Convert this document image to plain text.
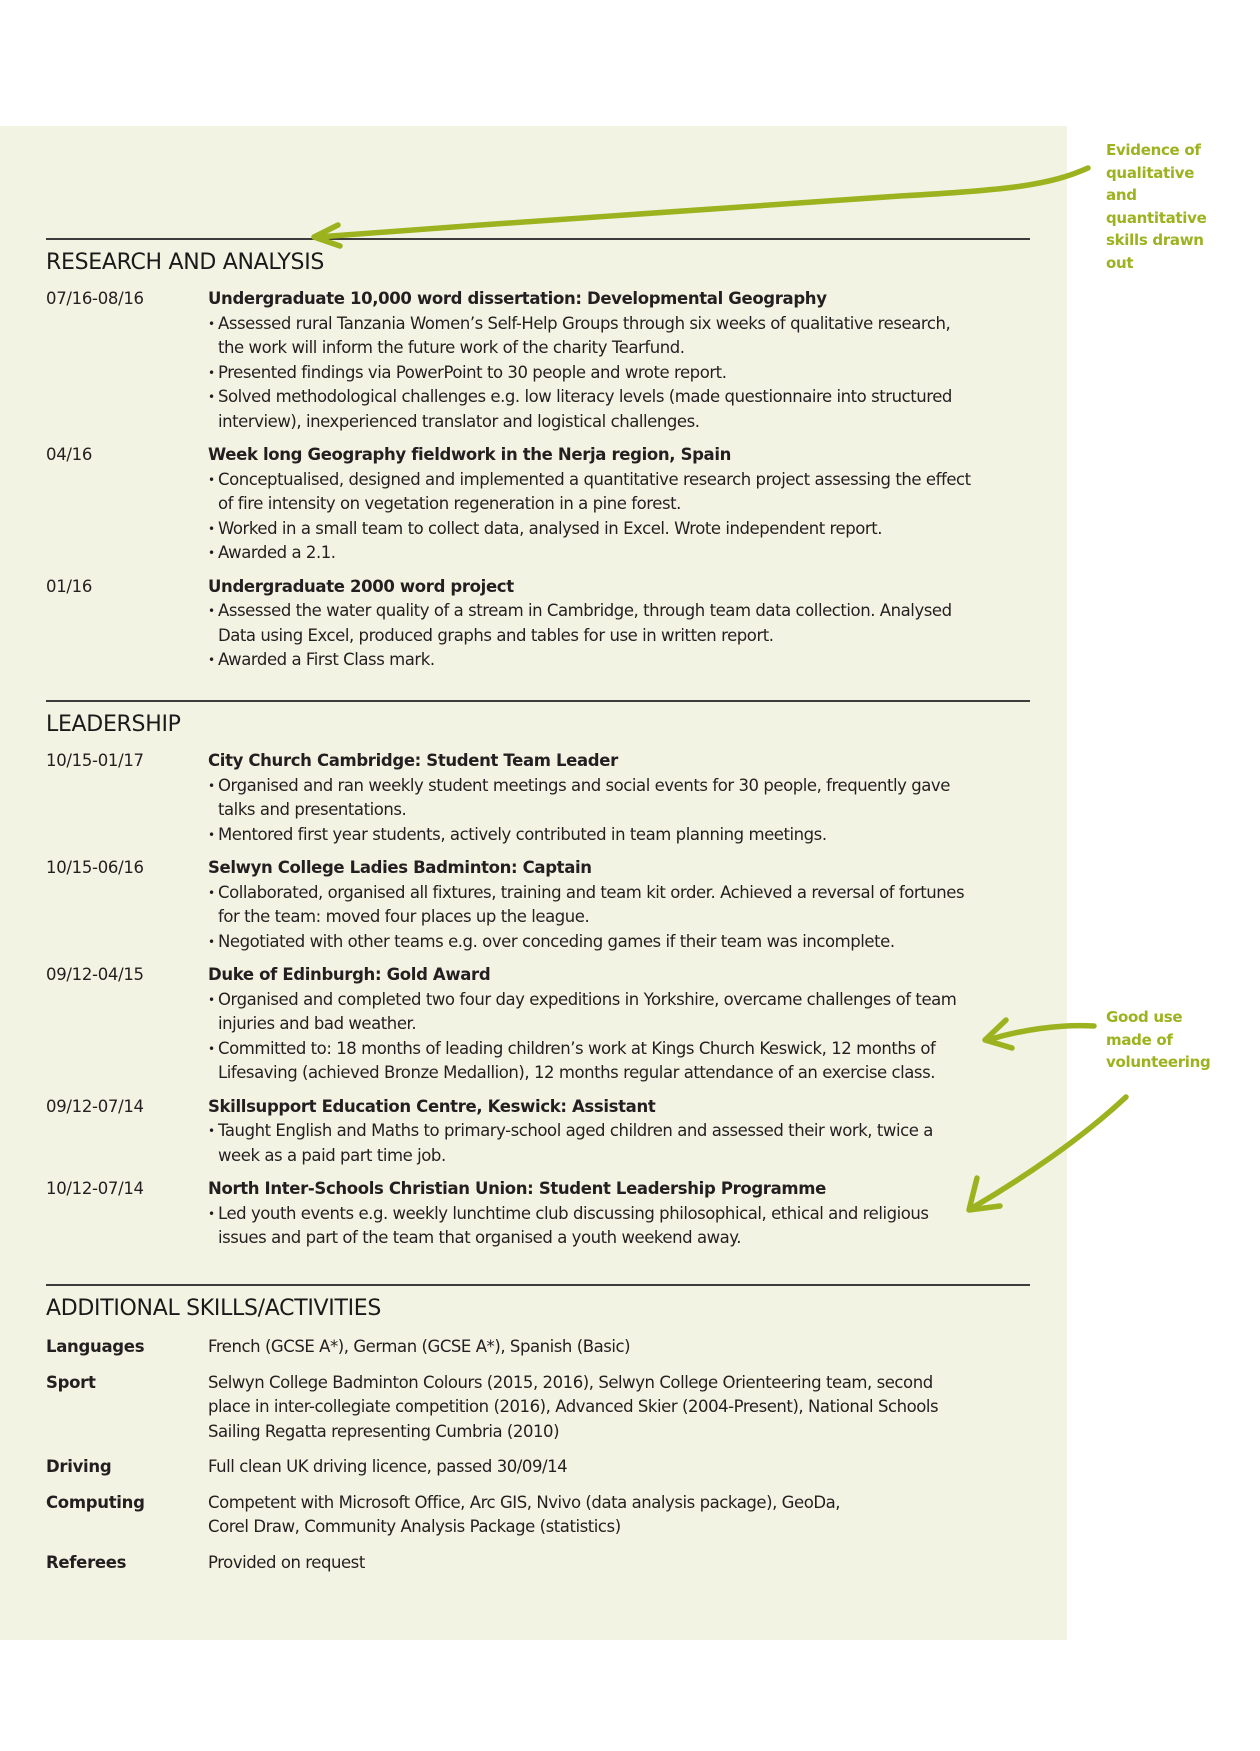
RESEARCH AND ANALYSIS
07/16-08/16	Undergraduate 10,000 word dissertation: Developmental Geography
• Assessed rural Tanzania Women’s Self-Help Groups through six weeks of qualitative research,
the work will inform the future work of the charity Tearfund.
• Presented findings via PowerPoint to 30 people and wrote report.
• Solved methodological challenges e.g. low literacy levels (made questionnaire into structured
interview), inexperienced translator and logistical challenges.
04/16	Week long Geography fieldwork in the Nerja region, Spain
• Conceptualised, designed and implemented a quantitative research project assessing the effect
of fire intensity on vegetation regeneration in a pine forest.
• Worked in a small team to collect data, analysed in Excel. Wrote independent report.
• Awarded a 2.1.
01/16	Undergraduate 2000 word project
• Assessed the water quality of a stream in Cambridge, through team data collection. Analysed
Data using Excel, produced graphs and tables for use in written report.
• Awarded a First Class mark.
LEADERSHIP
10/15-01/17	City Church Cambridge: Student Team Leader
• Organised and ran weekly student meetings and social events for 30 people, frequently gave
talks and presentations.
• Mentored first year students, actively contributed in team planning meetings.
10/15-06/16	Selwyn College Ladies Badminton: Captain
• Collaborated, organised all fixtures, training and team kit order. Achieved a reversal of fortunes
for the team: moved four places up the league.
• Negotiated with other teams e.g. over conceding games if their team was incomplete.
09/12-04/15	Duke of Edinburgh: Gold Award
• Organised and completed two four day expeditions in Yorkshire, overcame challenges of team
injuries and bad weather.
• Committed to: 18 months of leading children’s work at Kings Church Keswick, 12 months of
Lifesaving (achieved Bronze Medallion), 12 months regular attendance of an exercise class.
09/12-07/14	Skillsupport Education Centre, Keswick: Assistant
• Taught English and Maths to primary-school aged children and assessed their work, twice a
week as a paid part time job.
10/12-07/14	North Inter-Schools Christian Union: Student Leadership Programme
• Led youth events e.g. weekly lunchtime club discussing philosophical, ethical and religious
issues and part of the team that organised a youth weekend away.
ADDITIONAL SKILLS/ACTIVITIES
Languages	French (GCSE A*), German (GCSE A*), Spanish (Basic)
Sport	Selwyn College Badminton Colours (2015, 2016), Selwyn College Orienteering team, second
place in inter-collegiate competition (2016), Advanced Skier (2004-Present), National Schools
Sailing Regatta representing Cumbria (2010)
Driving	Full clean UK driving licence, passed 30/09/14
Computing	Competent with Microsoft Office, Arc GIS, Nvivo (data analysis package), GeoDa,
Corel Draw, Community Analysis Package (statistics)
Referees	Provided on request
Evidence of
qualitative
and
quantitative
skills drawn
out
Good use
made of
volunteering
